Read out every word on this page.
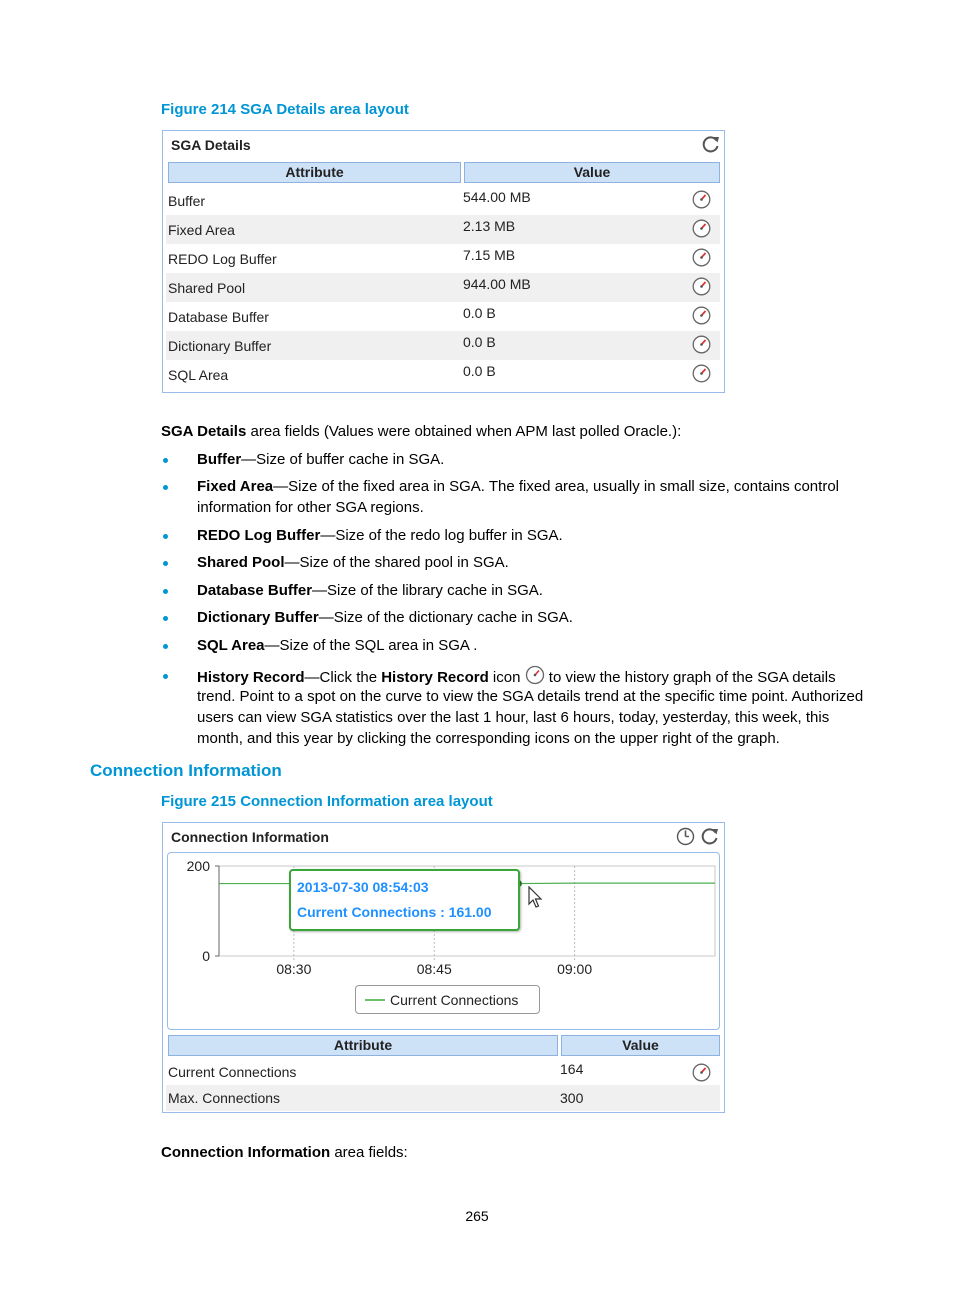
Figure 214 SGA Details area layout
SGA Details
Attribute	Value
Buffer	544.00 MB
Fixed Area	2.13 MB
REDO Log Buffer	7.15 MB
Shared Pool	944.00 MB
Database Buffer	0.0 B
Dictionary Buffer	0.0 B
SQL Area	0.0 B
SGA Details area fields (Values were obtained when APM last polled Oracle.):
Buffer—Size of buffer cache in SGA.
Fixed Area—Size of the fixed area in SGA. The fixed area, usually in small size, contains control information for other SGA regions.
REDO Log Buffer—Size of the redo log buffer in SGA.
Shared Pool—Size of the shared pool in SGA.
Database Buffer—Size of the library cache in SGA.
Dictionary Buffer—Size of the dictionary cache in SGA.
SQL Area—Size of the SQL area in SGA .
History Record—Click the History Record icon  to view the history graph of the SGA details
trend. Point to a spot on the curve to view the SGA details trend at the specific time point. Authorized
users can view SGA statistics over the last 1 hour, last 6 hours, today, yesterday, this week, this
month, and this year by clicking the corresponding icons on the upper right of the graph.
Connection Information
Figure 215 Connection Information area layout
Connection Information
200
0
08:30	08:45	09:00
2013-07-30 08:54:03
Current Connections : 161.00
Current Connections
Attribute	Value
Current Connections	164
Max. Connections	300
Connection Information area fields:
265
